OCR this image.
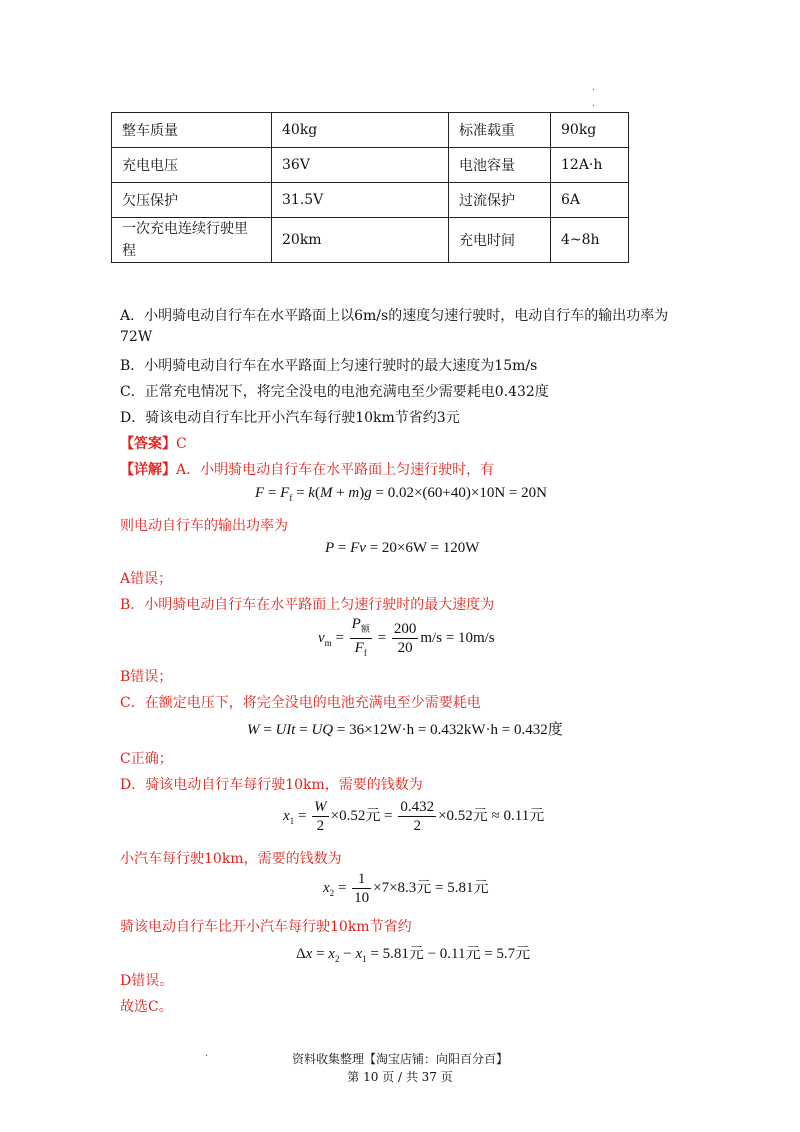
.
.
整车质量	40kg	标准载重	90kg
充电电压	36V	电池容量	12A·h
欠压保护	31.5V	过流保护	6A
一次充电连续行驶里程	20km	充电时间	4~8h
A．小明骑电动自行车在水平路面上以6m/s的速度匀速行驶时，电动自行车的输出功率为
72W
B．小明骑电动自行车在水平路面上匀速行驶时的最大速度为15m/s
C．正常充电情况下，将完全没电的电池充满电至少需要耗电0.432度
D．骑该电动自行车比开小汽车每行驶10km节省约3元
【答案】C
【详解】A．小明骑电动自行车在水平路面上匀速行驶时，有
$F = F_f = k(M + m)g = 0.02\times(60+40)\times 10N = 20N$
则电动自行车的输出功率为
P = Fv = 20×6W = 120W
A错误；
B．小明骑电动自行车在水平路面上匀速行驶时的最大速度为
$v_m = \frac{P_额}{F_f} = \frac{200}{20} m/s = 10m/s$
B错误；
C．在额定电压下，将完全没电的电池充满电至少需要耗电
W = UIt = UQ = 36×12W·h = 0.432kW·h = 0.432度
C正确；
D．骑该电动自行车每行驶10km，需要的钱数为
$x_1 = \frac{W}{2} \times 0.52$元 = $\frac{0.432}{2} \times 0.52$元 ≈ 0.11元
小汽车每行驶10km，需要的钱数为
$x_2 = \frac{1}{10} \times 7\times 8.3$元 = 5.81元
骑该电动自行车比开小汽车每行驶10km节省约
$\Delta x = x_2 - x_1 = 5.81$元 − 0.11元 = 5.7元
D错误。
故选C。
.	资料收集整理【淘宝店铺：向阳百分百】
第 10 页 / 共 37 页
